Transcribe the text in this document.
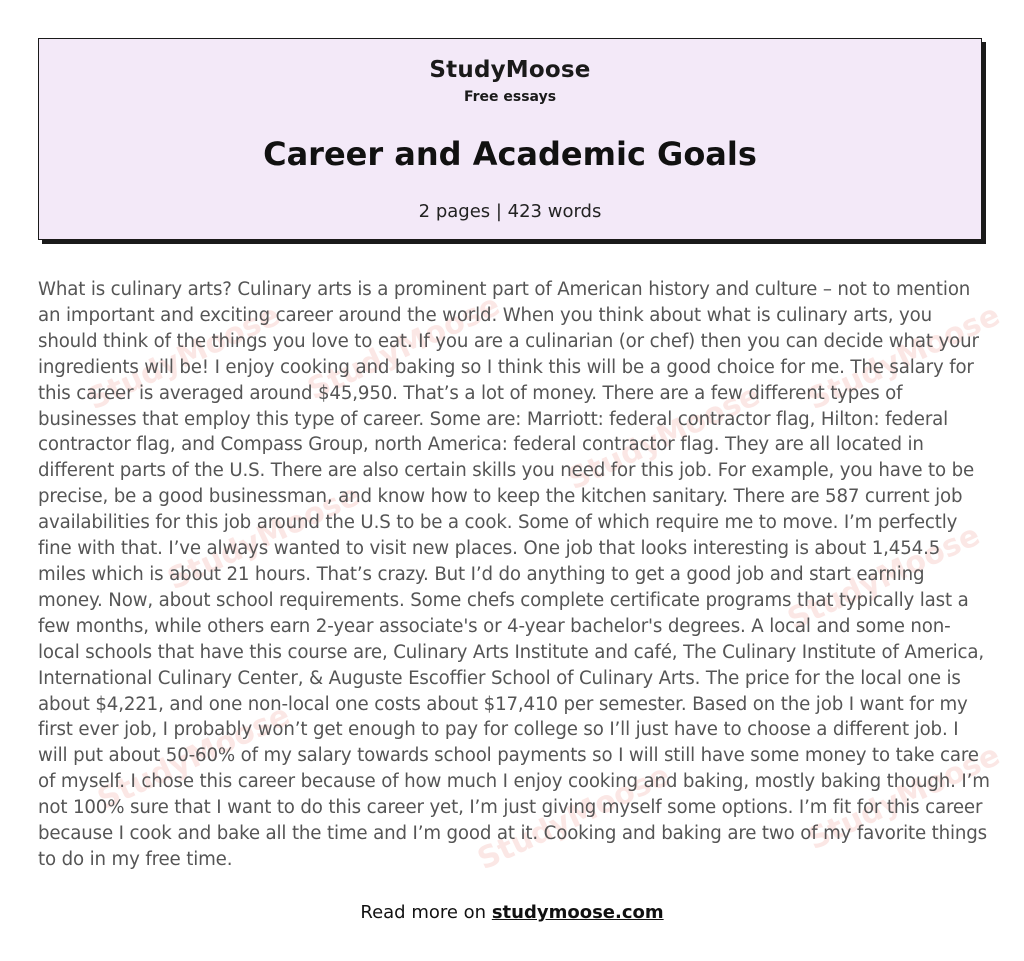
StudyMoose
Free essays
Career and Academic Goals
2 pages | 423 words
StudyMoose StudyMoose
StudyMoose
StudyMoose
StudyMoose	StudyMoose
StudyMoose
StudyMoose	StudyMoose

What is culinary arts? Culinary arts is a prominent part of American history and culture – not to mention an important and exciting career around the world. When you think about what is culinary arts, you should think of the things you love to eat. If you are a culinarian (or chef) then you can decide what your ingredients will be! I enjoy cooking and baking so I think this will be a good choice for me. The salary for this career is averaged around $45,950. That’s a lot of money. There are a few different types of businesses that employ this type of career. Some are: Marriott: federal contractor flag, Hilton: federal contractor flag, and Compass Group, north America: federal contractor flag. They are all located in different parts of the U.S. There are also certain skills you need for this job. For example, you have to be precise, be a good businessman, and know how to keep the kitchen sanitary. There are 587 current job availabilities for this job around the U.S to be a cook. Some of which require me to move. I’m perfectly fine with that. I’ve always wanted to visit new places. One job that looks interesting is about 1,454.5 miles which is about 21 hours. That’s crazy. But I’d do anything to get a good job and start earning money. Now, about school requirements. Some chefs complete certificate programs that typically last a few months, while others earn 2-year associate's or 4-year bachelor's degrees. A local and some non-local schools that have this course are, Culinary Arts Institute and café, The Culinary Institute of America, International Culinary Center, & Auguste Escoffier School of Culinary Arts. The price for the local one is about $4,221, and one non-local one costs about $17,410 per semester. Based on the job I want for my first ever job, I probably won’t get enough to pay for college so I’ll just have to choose a different job. I will put about 50-60% of my salary towards school payments so I will still have some money to take care of myself. I chose this career because of how much I enjoy cooking and baking, mostly baking though. I’m not 100% sure that I want to do this career yet, I’m just giving myself some options. I’m fit for this career because I cook and bake all the time and I’m good at it. Cooking and baking are two of my favorite things to do in my free time.

Read more on studymoose.com
